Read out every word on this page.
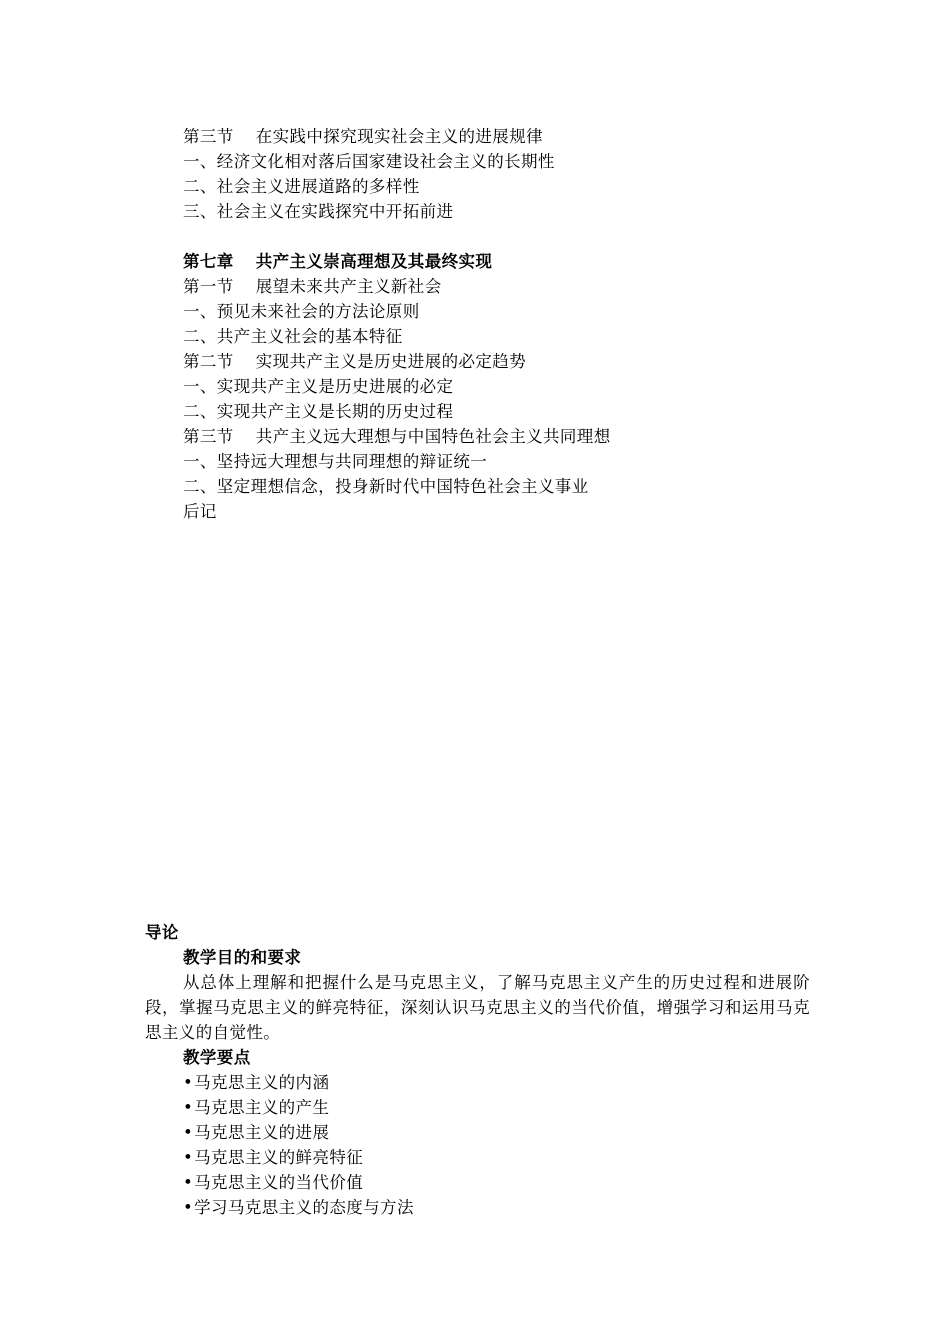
第三节 在实践中探究现实社会主义的进展规律
一、经济文化相对落后国家建设社会主义的长期性
二、社会主义进展道路的多样性
三、社会主义在实践探究中开拓前进
第七章 共产主义崇高理想及其最终实现
第一节 展望未来共产主义新社会
一、预见未来社会的方法论原则
二、共产主义社会的基本特征
第二节 实现共产主义是历史进展的必定趋势
一、实现共产主义是历史进展的必定
二、实现共产主义是长期的历史过程
第三节 共产主义远大理想与中国特色社会主义共同理想
一、坚持远大理想与共同理想的辩证统一
二、坚定理想信念，投身新时代中国特色社会主义事业
后记
导论
教学目的和要求
从总体上理解和把握什么是马克思主义，了解马克思主义产生的历史过程和进展阶段，掌握马克思主义的鲜亮特征，深刻认识马克思主义的当代价值，增强学习和运用马克思主义的自觉性。
教学要点
• 马克思主义的内涵
• 马克思主义的产生
• 马克思主义的进展
• 马克思主义的鲜亮特征
• 马克思主义的当代价值
• 学习马克思主义的态度与方法
